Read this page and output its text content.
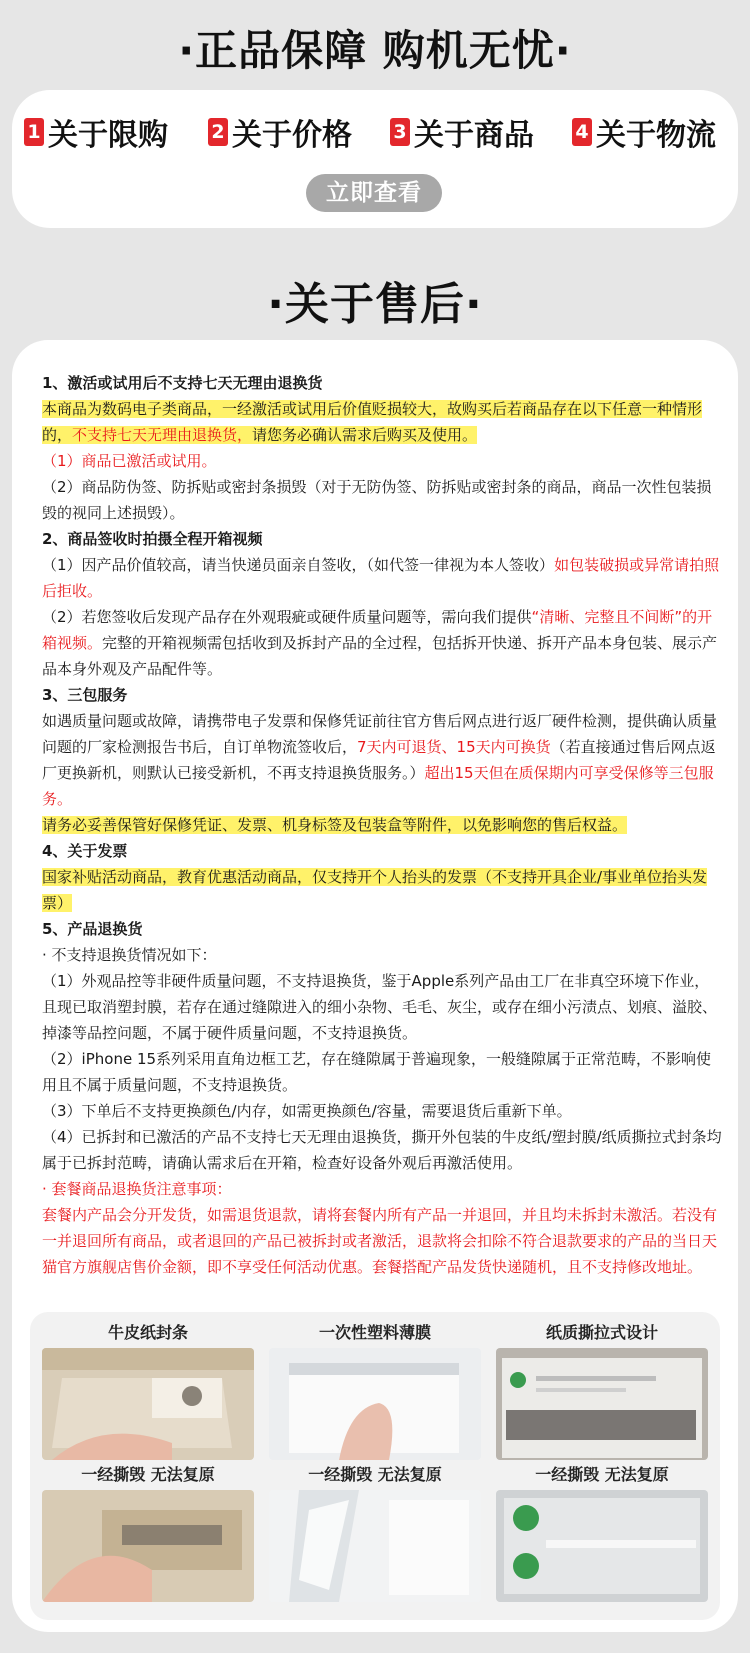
·正品保障 购机无忧·
1 关于限购 2 关于价格 3 关于商品 4 关于物流
立即查看
·关于售后·

1、激活或试用后不支持七天无理由退换货

本商品为数码电子类商品，一经激活或试用后价值贬损较大，故购买后若商品存在以下任意一种情形的，不支持七天无理由退换货，请您务必确认需求后购买及使用。

（1）商品已激活或试用。

（2）商品防伪签、防拆贴或密封条损毁（对于无防伪签、防拆贴或密封条的商品，商品一次性包装损毁的视同上述损毁）。

2、商品签收时拍摄全程开箱视频

（1）因产品价值较高，请当快递员面亲自签收，（如代签一律视为本人签收）如包装破损或异常请拍照后拒收。

（2）若您签收后发现产品存在外观瑕疵或硬件质量问题等，需向我们提供“清晰、完整且不间断”的开箱视频。完整的开箱视频需包括收到及拆封产品的全过程，包括拆开快递、拆开产品本身包装、展示产品本身外观及产品配件等。

3、三包服务

如遇质量问题或故障，请携带电子发票和保修凭证前往官方售后网点进行返厂硬件检测，提供确认质量问题的厂家检测报告书后，自订单物流签收后，7天内可退货、15天内可换货（若直接通过售后网点返厂更换新机，则默认已接受新机，不再支持退换货服务。）超出15天但在质保期内可享受保修等三包服务。

请务必妥善保管好保修凭证、发票、机身标签及包装盒等附件，以免影响您的售后权益。

4、关于发票

国家补贴活动商品，教育优惠活动商品，仅支持开个人抬头的发票（不支持开具企业/事业单位抬头发票）

5、产品退换货

· 不支持退换货情况如下：

（1）外观品控等非硬件质量问题，不支持退换货，鉴于Apple系列产品由工厂在非真空环境下作业，且现已取消塑封膜，若存在通过缝隙进入的细小杂物、毛毛、灰尘，或存在细小污渍点、划痕、溢胶、掉漆等品控问题，不属于硬件质量问题，不支持退换货。

（2）iPhone 15系列采用直角边框工艺，存在缝隙属于普遍现象，一般缝隙属于正常范畴，不影响使用且不属于质量问题，不支持退换货。

（3）下单后不支持更换颜色/内存，如需更换颜色/容量，需要退货后重新下单。

（4）已拆封和已激活的产品不支持七天无理由退换货，撕开外包装的牛皮纸/塑封膜/纸质撕拉式封条均属于已拆封范畴，请确认需求后在开箱，检查好设备外观后再激活使用。

· 套餐商品退换货注意事项：

套餐内产品会分开发货，如需退货退款，请将套餐内所有产品一并退回，并且均未拆封未激活。若没有一并退回所有商品，或者退回的产品已被拆封或者激活，退款将会扣除不符合退款要求的产品的当日天猫官方旗舰店售价金额，即不享受任何活动优惠。套餐搭配产品发货快递随机，且不支持修改地址。

牛皮纸封条	一次性塑料薄膜	纸质撕拉式设计
一经撕毁 无法复原	一经撕毁 无法复原	一经撕毁 无法复原
